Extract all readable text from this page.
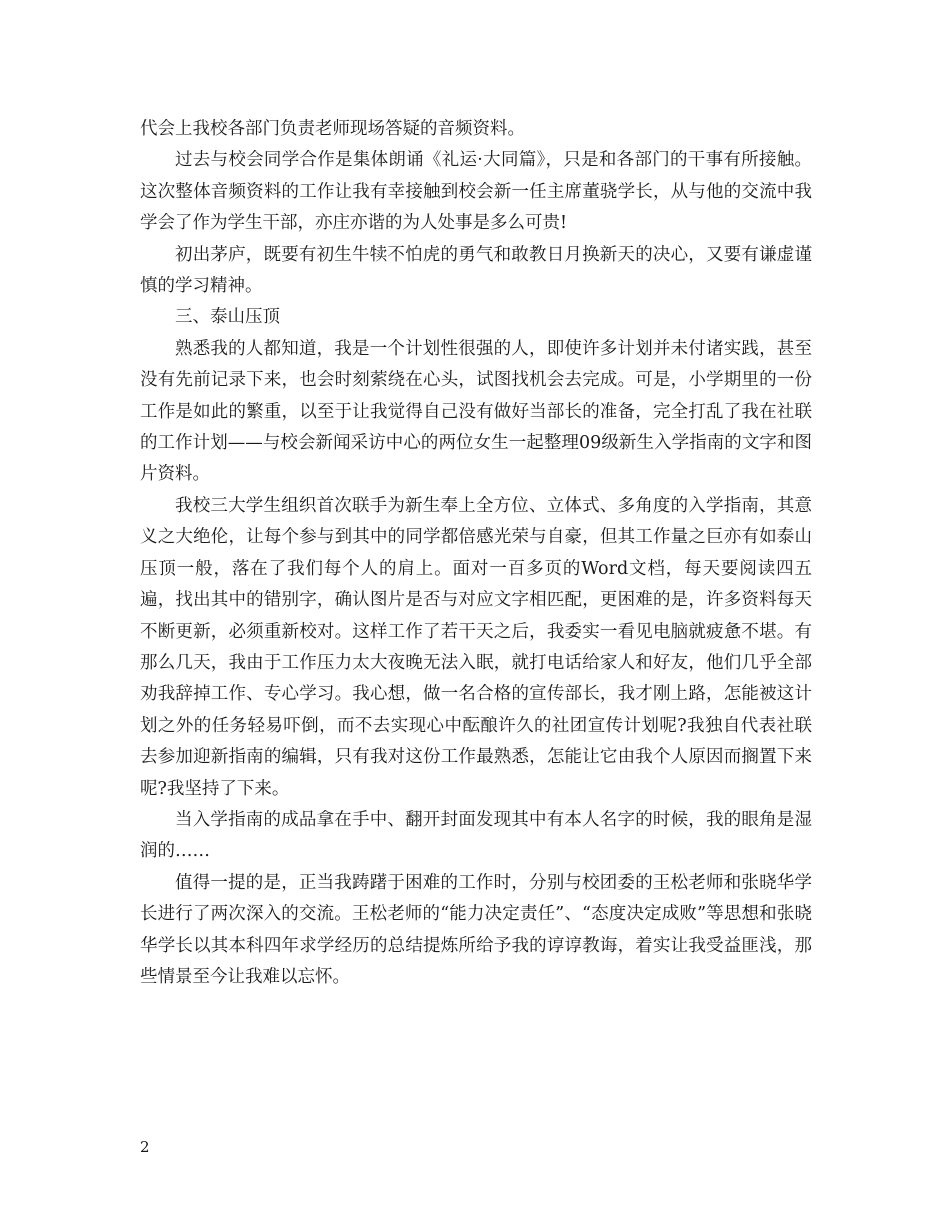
代会上我校各部门负责老师现场答疑的音频资料。

过去与校会同学合作是集体朗诵《礼运·大同篇》，只是和各部门的干事有所接触。这次整体音频资料的工作让我有幸接触到校会新一任主席董骁学长，从与他的交流中我学会了作为学生干部，亦庄亦谐的为人处事是多么可贵!

初出茅庐，既要有初生牛犊不怕虎的勇气和敢教日月换新天的决心，又要有谦虚谨慎的学习精神。

三、泰山压顶

熟悉我的人都知道，我是一个计划性很强的人，即使许多计划并未付诸实践，甚至没有先前记录下来，也会时刻萦绕在心头，试图找机会去完成。可是，小学期里的一份工作是如此的繁重，以至于让我觉得自己没有做好当部长的准备，完全打乱了我在社联的工作计划——与校会新闻采访中心的两位女生一起整理09级新生入学指南的文字和图片资料。

我校三大学生组织首次联手为新生奉上全方位、立体式、多角度的入学指南，其意义之大绝伦，让每个参与到其中的同学都倍感光荣与自豪，但其工作量之巨亦有如泰山压顶一般，落在了我们每个人的肩上。面对一百多页的Word文档，每天要阅读四五遍，找出其中的错别字，确认图片是否与对应文字相匹配，更困难的是，许多资料每天不断更新，必须重新校对。这样工作了若干天之后，我委实一看见电脑就疲惫不堪。有那么几天，我由于工作压力太大夜晚无法入眠，就打电话给家人和好友，他们几乎全部劝我辞掉工作、专心学习。我心想，做一名合格的宣传部长，我才刚上路，怎能被这计划之外的任务轻易吓倒，而不去实现心中酝酿许久的社团宣传计划呢?我独自代表社联去参加迎新指南的编辑，只有我对这份工作最熟悉，怎能让它由我个人原因而搁置下来呢?我坚持了下来。

当入学指南的成品拿在手中、翻开封面发现其中有本人名字的时候，我的眼角是湿润的……

值得一提的是，正当我踌躇于困难的工作时，分别与校团委的王松老师和张晓华学长进行了两次深入的交流。王松老师的“能力决定责任”、“态度决定成败”等思想和张晓华学长以其本科四年求学经历的总结提炼所给予我的谆谆教诲，着实让我受益匪浅，那些情景至今让我难以忘怀。

2
